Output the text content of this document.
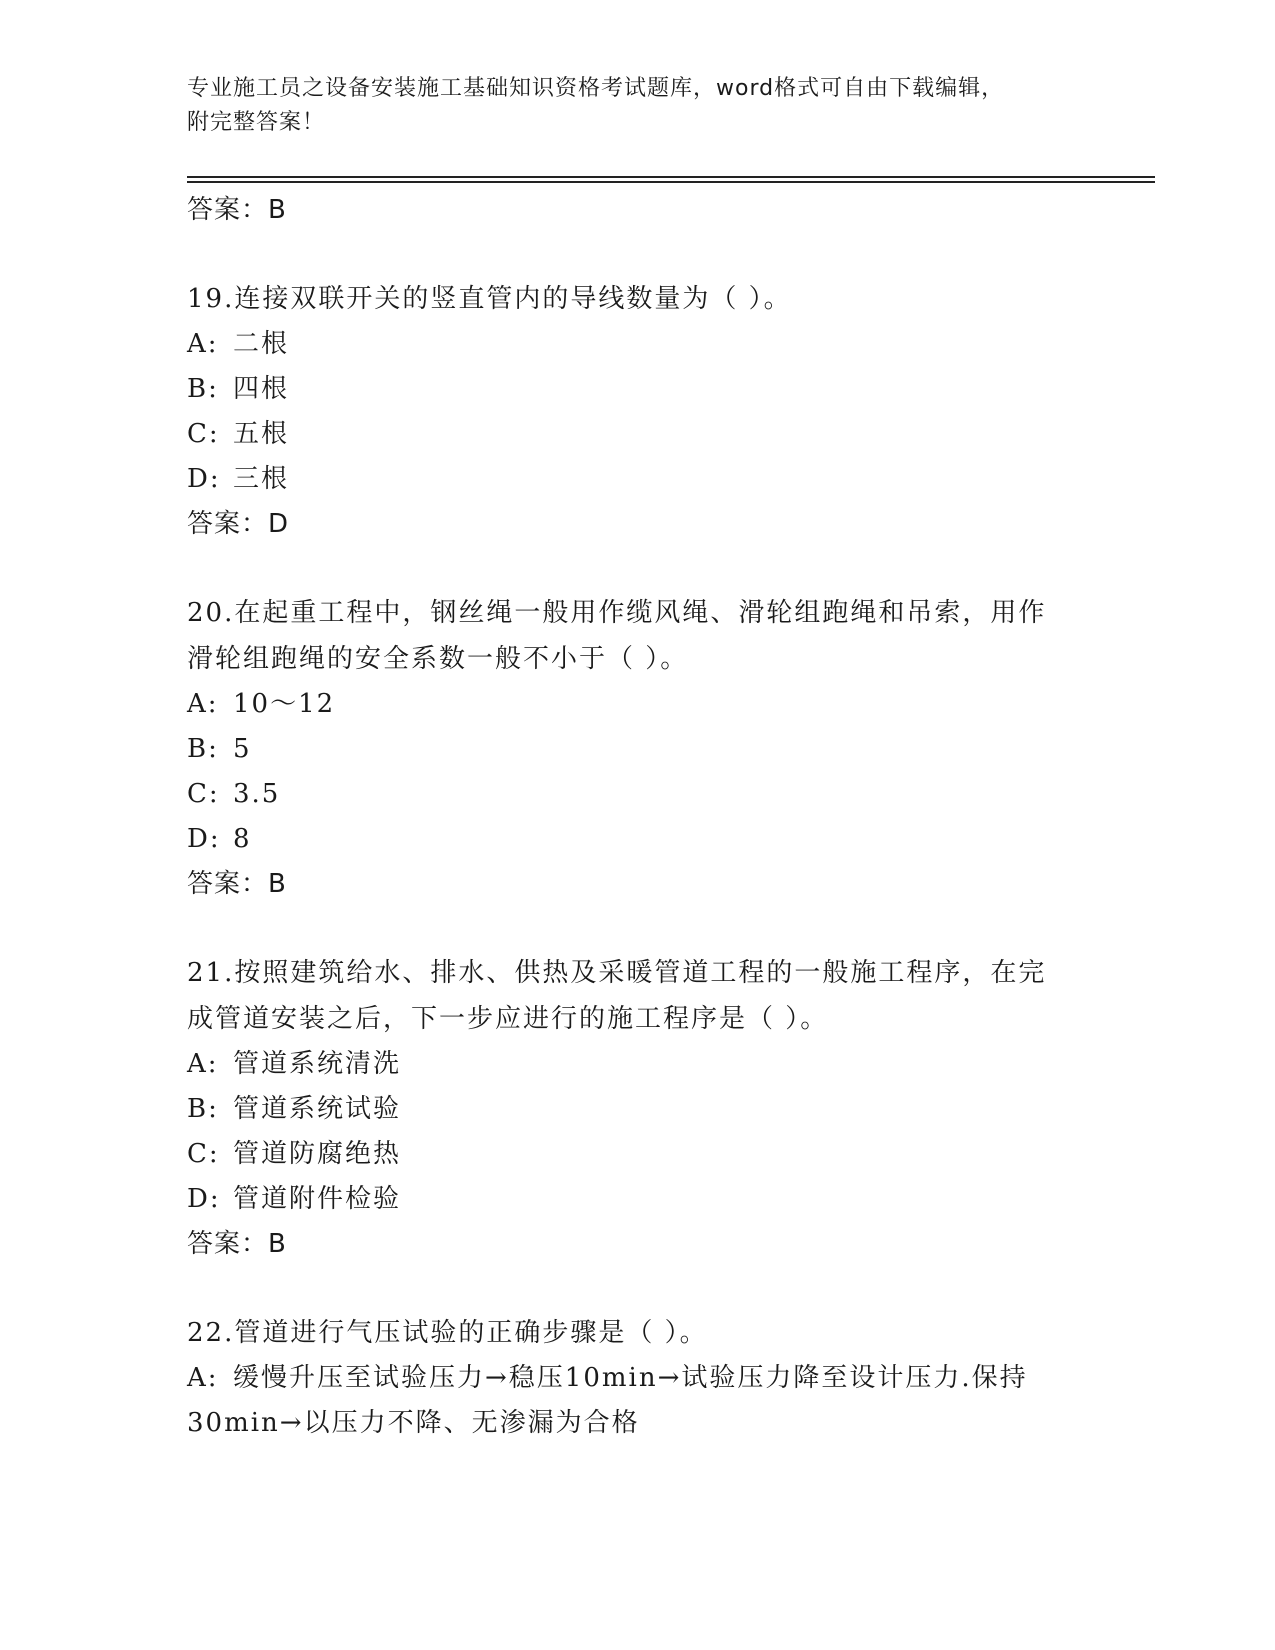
专业施工员之设备安装施工基础知识资格考试题库，word格式可自由下载编辑，
附完整答案！
答案：B
19.连接双联开关的竖直管内的导线数量为（ ）。
A: 二根
B: 四根
C: 五根
D: 三根
答案：D
20.在起重工程中，钢丝绳一般用作缆风绳、滑轮组跑绳和吊索，用作
滑轮组跑绳的安全系数一般不小于（ ）。
A: 10～12
B: 5
C: 3.5
D: 8
答案：B
21.按照建筑给水、排水、供热及采暖管道工程的一般施工程序，在完
成管道安装之后，下一步应进行的施工程序是（ ）。
A: 管道系统清洗
B: 管道系统试验
C: 管道防腐绝热
D: 管道附件检验
答案：B
22.管道进行气压试验的正确步骤是（ ）。
A: 缓慢升压至试验压力→稳压10min→试验压力降至设计压力.保持
30min→以压力不降、无渗漏为合格
